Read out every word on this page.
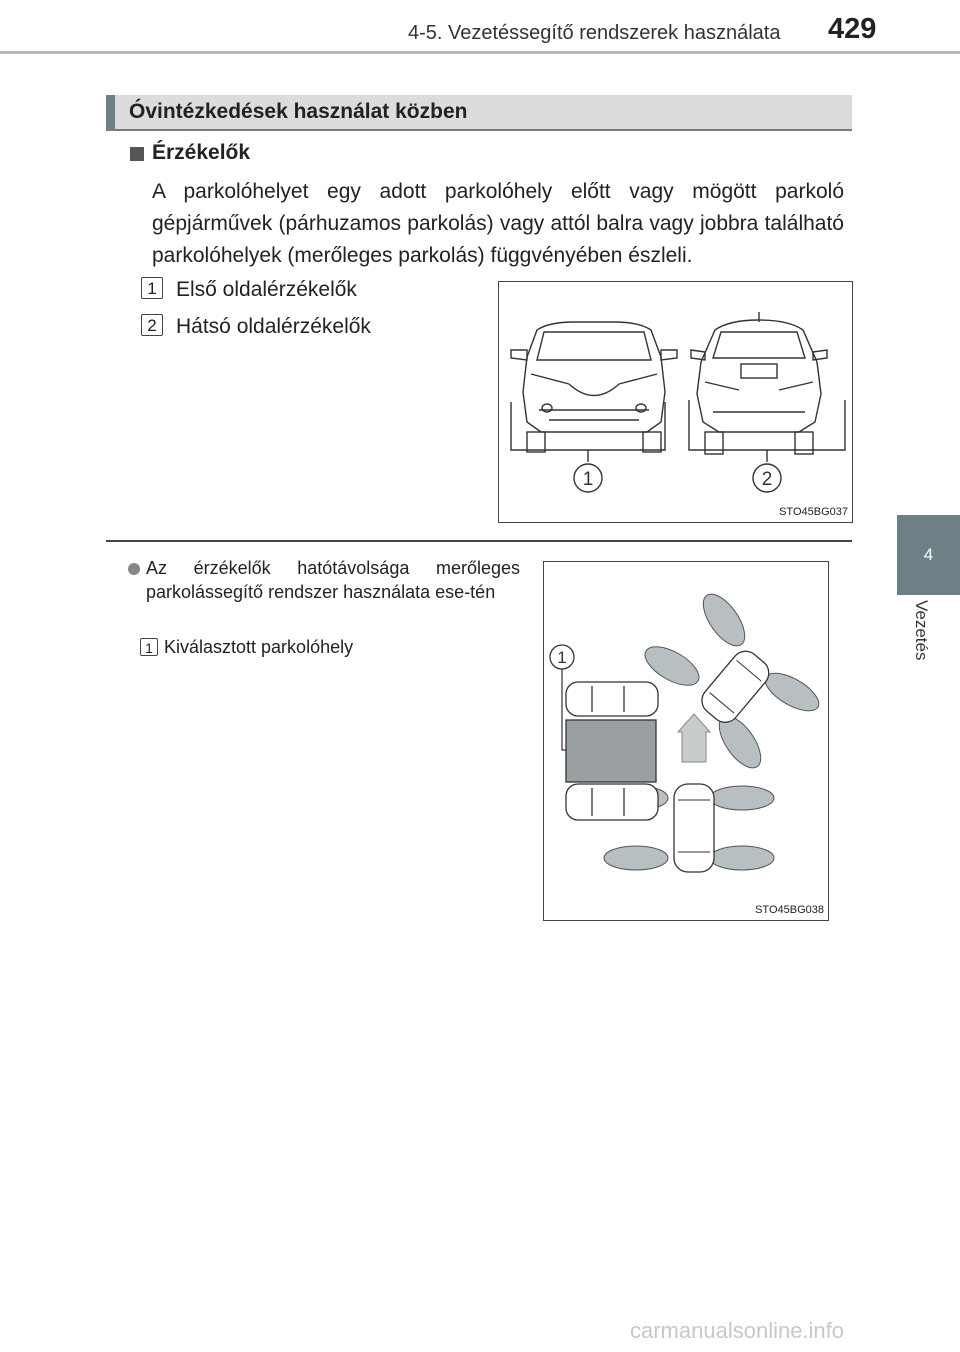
4-5. Vezetéssegítő rendszerek használata 429
4
Vezetés
Óvintézkedések használat közben
Érzékelők
A parkolóhelyet egy adott parkolóhely előtt vagy mögött parkoló gépjárművek (párhuzamos parkolás) vagy attól balra vagy jobbra található parkolóhelyek (merőleges parkolás) függvényében észleli.
1 Első oldalérzékelők
2 Hátsó oldalérzékelők
1	2
STO45BG037
Az érzékelők hatótávolsága merőleges parkolássegítő rendszer használata ese-tén
1 Kiválasztott parkolóhely
1
STO45BG038
carmanualsonline.info
